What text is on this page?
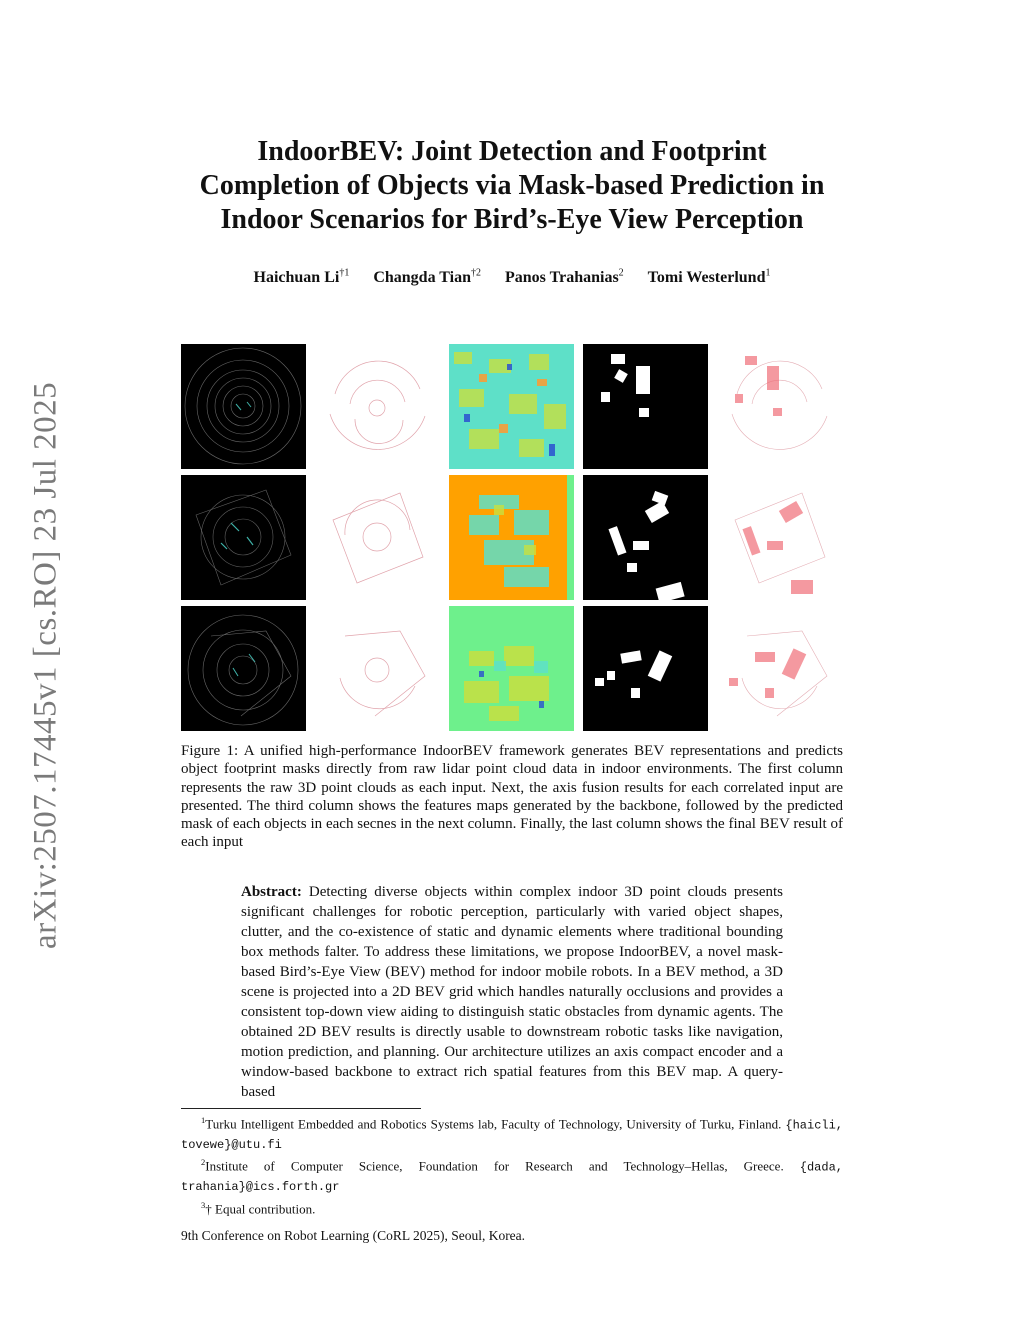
arXiv:2507.17445v1 [cs.RO] 23 Jul 2025
IndoorBEV: Joint Detection and Footprint
Completion of Objects via Mask-based Prediction in
Indoor Scenarios for Bird’s-Eye View Perception
Haichuan Li$^{\dagger 1}$ Changda Tian$^{\dagger 2}$ Panos Trahanias$^2$ Tomi Westerlund$^1$
Figure 1: A unified high-performance IndoorBEV framework generates BEV representations and predicts object footprint masks directly from raw lidar point cloud data in indoor environments. The first column represents the raw 3D point clouds as each input. Next, the axis fusion results for each correlated input are presented. The third column shows the features maps generated by the backbone, followed by the predicted mask of each objects in each secnes in the next column. Finally, the last column shows the final BEV result of each input
Abstract: Detecting diverse objects within complex indoor 3D point clouds presents significant challenges for robotic perception, particularly with varied object shapes, clutter, and the co-existence of static and dynamic elements where traditional bounding box methods falter. To address these limitations, we propose IndoorBEV, a novel mask-based Bird’s-Eye View (BEV) method for indoor mobile robots. In a BEV method, a 3D scene is projected into a 2D BEV grid which handles naturally occlusions and provides a consistent top-down view aiding to distinguish static obstacles from dynamic agents. The obtained 2D BEV results is directly usable to downstream robotic tasks like navigation, motion prediction, and planning. Our architecture utilizes an axis compact encoder and a window-based backbone to extract rich spatial features from this BEV map. A query-based

$^1$Turku Intelligent Embedded and Robotics Systems lab, Faculty of Technology, University of Turku, Finland. {haicli, tovewe}@utu.fi

$^2$Institute of Computer Science, Foundation for Research and Technology–Hellas, Greece. {dada, trahania}@ics.forth.gr

$^3$† Equal contribution.

9th Conference on Robot Learning (CoRL 2025), Seoul, Korea.
